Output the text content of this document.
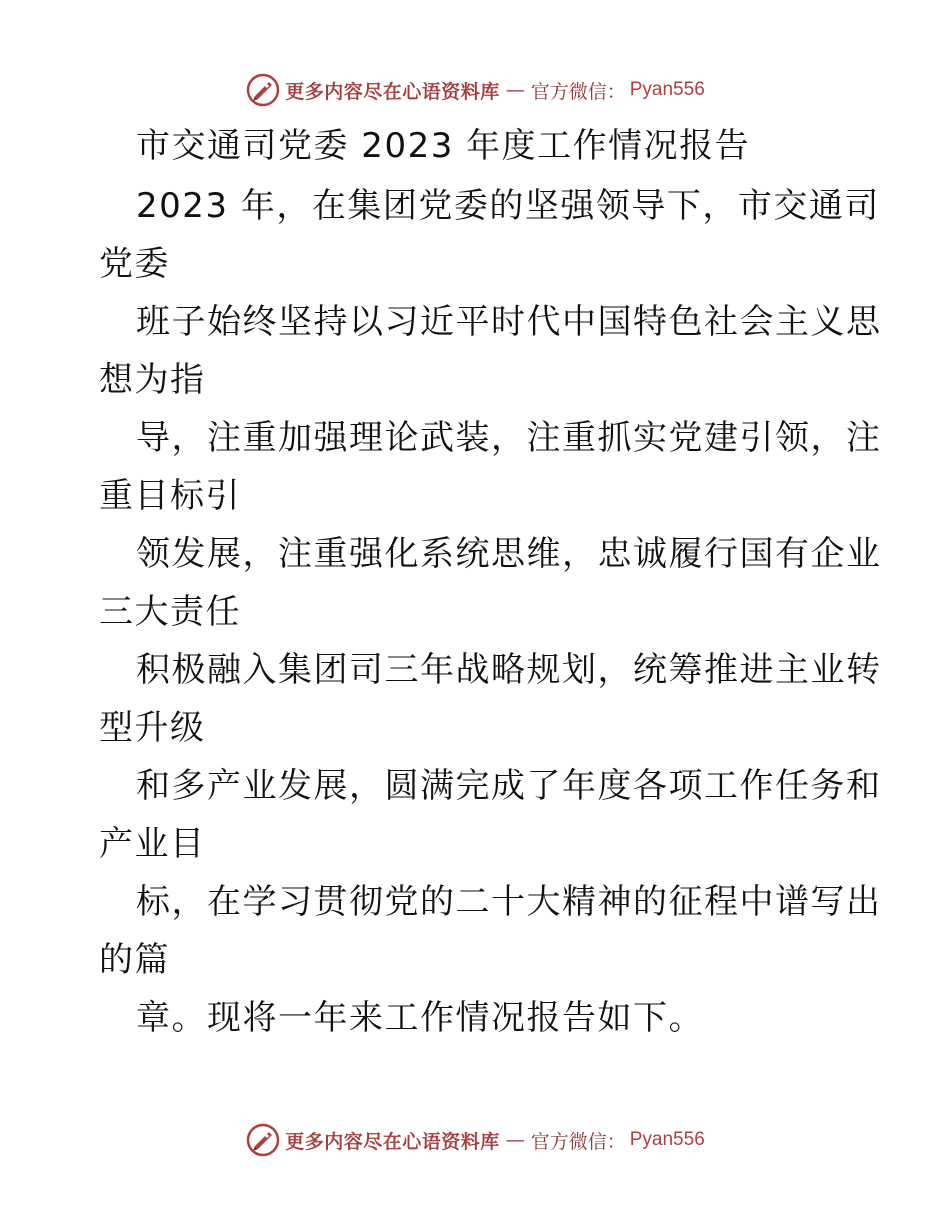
更多内容尽在心语资料库 — 官方微信： Pyan556

市交通司党委 2023 年度工作情况报告

2023 年，在集团党委的坚强领导下，市交通司

党委

班子始终坚持以习近平时代中国特色社会主义思

想为指

导，注重加强理论武装，注重抓实党建引领，注

重目标引

领发展，注重强化系统思维，忠诚履行国有企业

三大责任

积极融入集团司三年战略规划，统筹推进主业转

型升级

和多产业发展，圆满完成了年度各项工作任务和

产业目

标，在学习贯彻党的二十大精神的征程中谱写出

的篇

章。现将一年来工作情况报告如下。

更多内容尽在心语资料库 — 官方微信： Pyan556
